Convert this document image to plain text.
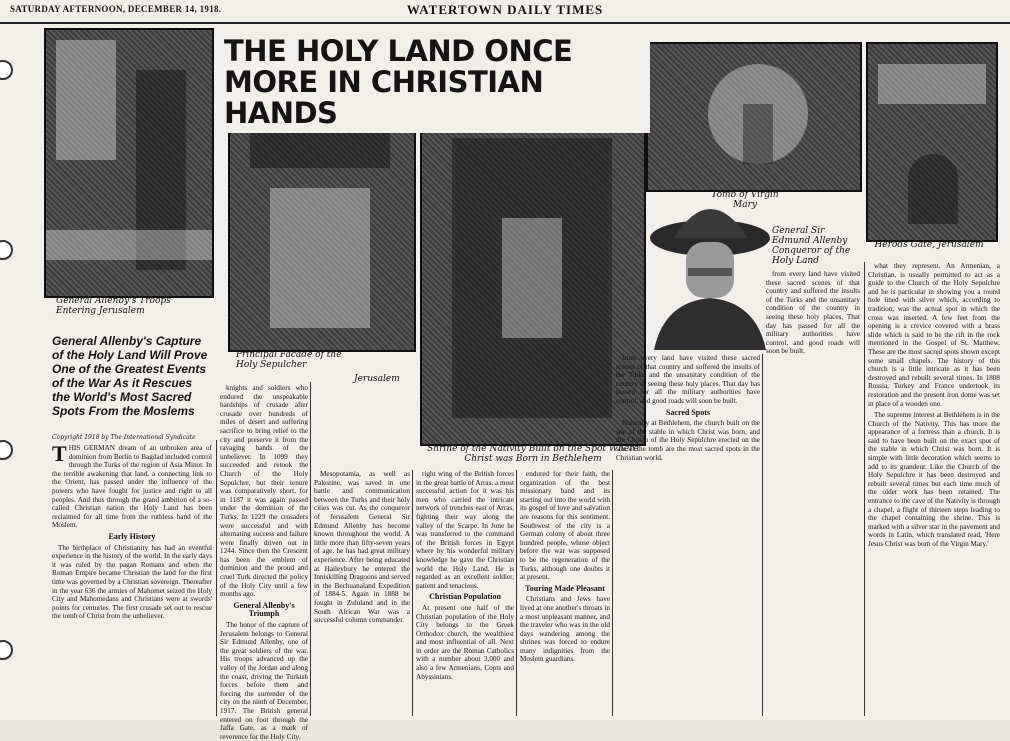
SATURDAY AFTERNOON, DECEMBER 14, 1918.	WATERTOWN DAILY TIMES
THE HOLY LAND ONCE
MORE IN CHRISTIAN HANDS
General Allenby's Troops Entering Jerusalem
Principal Facade of the Holy Sepulcher
Jerusalem
Shrine of the Nativity Built on the Spot Where Christ was Born in Bethlehem
Tomb of Virgin Mary
General Sir Edmund Allenby Conqueror of the Holy Land
Herods Gate, Jerusalem
General Allenby's Capture of the Holy Land Will Prove One of the Greatest Events of the War As it Rescues the World's Most Sacred Spots From the Moslems
Copyright 1918 by The International Syndicate

THIS GERMAN dream of an unbroken area of dominion from Berlin to Bagdad included control through the Turks of the region of Asia Minor. In the terrible awakening that land, a connecting link to the Orient, has passed under the influence of the powers who have fought for justice and right to all peoples. And thus through the grand ambition of a so-called Christian nation the Holy Land has been reclaimed for all time from the ruthless hand of the Moslem.

Early History

The birthplace of Christianity has had an eventful experience in the history of the world. In the early days it was ruled by the pagan Romans and when the Roman Empire became Christian the land for the first time was governed by a Christian sovereign. Thereafter in the year 636 the armies of Mahomet seized the Holy City and Mahomedans and Christians were at swords' points for centuries. The first crusade set out to rescue the tomb of Christ from the unbeliever.

knights and soldiers who endured the unspeakable hardships of crusade after crusade over hundreds of miles of desert and suffering sacrifice to bring relief to the city and preserve it from the ravaging hands of the unbeliever. In 1099 they succeeded and retook the Church of the Holy Sepulchre, but their tenure was comparatively short, for in 1187 it was again passed under the dominion of the Turks. In 1229 the crusaders were successful and with alternating success and failure were finally driven out in 1244. Since then the Crescent has been the emblem of dominion and the proud and cruel Turk directed the policy of the Holy City until a few months ago.

General Allenby's Triumph

The honor of the capture of Jerusalem belongs to General Sir Edmund Allenby, one of the great soldiers of the war. His troops advanced up the valley of the Jordan and along the coast, driving the Turkish forces before them and forcing the surrender of the city on the ninth of December, 1917. The British general entered on foot through the Jaffa Gate, as a mark of reverence for the Holy City.

Mesopotamia, as well as Palestine, was saved in one battle and communication between the Turks and their holy cities was cut. As the conqueror of Jerusalem General Sir Edmund Allenby has become known throughout the world. A little more than fifty-seven years of age, he has had great military experience. After being educated at Haileybury he entered the Inniskilling Dragoons and served in the Bechuanaland Expedition of 1884-5. Again in 1888 he fought in Zululand and in the South African War was a successful column commander.

right wing of the British forces in the great battle of Arras, a most successful action for it was his men who carried the intricate network of trenches east of Arras, fighting their way along the valley of the Scarpe. In June he was transferred to the command of the British forces in Egypt where by his wonderful military knowledge he gave the Christian world the Holy Land. He is regarded as an excellent soldier, patient and tenacious.

Christian Population

At present one half of the Christian population of the Holy City belongs to the Greek Orthodox church, the wealthiest and most influential of all. Next in order are the Roman Catholics with a number about 3,000 and also a few Armenians, Copts and Abyssinians.

endured for their faith, the organization of the best missionary band and its starting out into the world with its gospel of love and salvation are reasons for this sentiment. Southwest of the city is a German colony of about three hundred people, whose object before the war was supposed to be the regeneration of the Turks, although one doubts it at present.

Touring Made Pleasant

Christians and Jews have lived at one another's throats in a most unpleasant manner, and the traveler who was in the old days wandering among the shrines was forced to endure many indignities from the Moslem guardians.

from every land have visited these sacred scenes of that country and suffered the insults of the Turks and the unsanitary condition of the country in seeing these holy places. That day has passed for all the military authorities have control, and good roads will soon be built.

Sacred Spots

Naturally at Bethlehem, the church built on the site of the stable in which Christ was born, and the Church of the Holy Sepulchre erected on the site of the tomb are the most sacred spots in the Christian world.

what they represent. An Armenian, a Christian, is usually permitted to act as a guide to the Church of the Holy Sepulchre and he is particular in showing you a round hole lined with silver which, according to tradition, was the actual spot in which the cross was inserted. A few feet from the opening is a crevice covered with a brass slide which is said to be the rift in the rock mentioned in the Gospel of St. Matthew. These are the most sacred spots shown except some small chapels. The history of this church is a little intricate as it has been destroyed and rebuilt several times. In 1808 Russia, Turkey and France undertook its restoration and the present iron dome was set in place of a wooden one.

The supreme interest at Bethlehem is in the Church of the Nativity. This has more the appearance of a fortress than a church. It is said to have been built on the exact spot of the stable in which Christ was born. It is simple with little decoration which seems to add to its grandeur. Like the Church of the Holy Sepulchre it has been destroyed and rebuilt several times but each time much of the older work has been retained. The entrance to the cave of the Nativity is through a chapel, a flight of thirteen steps leading to the chapel containing the shrine. This is marked with a silver star in the pavement and words in Latin, which translated read, 'Here Jesus Christ was born of the Virgin Mary.'

from every land have visited these sacred scenes of that country and suffered the insults of the Turks and the unsanitary condition of the country in seeing these holy places. That day has passed for all the military authorities have control, and good roads will soon be built.
